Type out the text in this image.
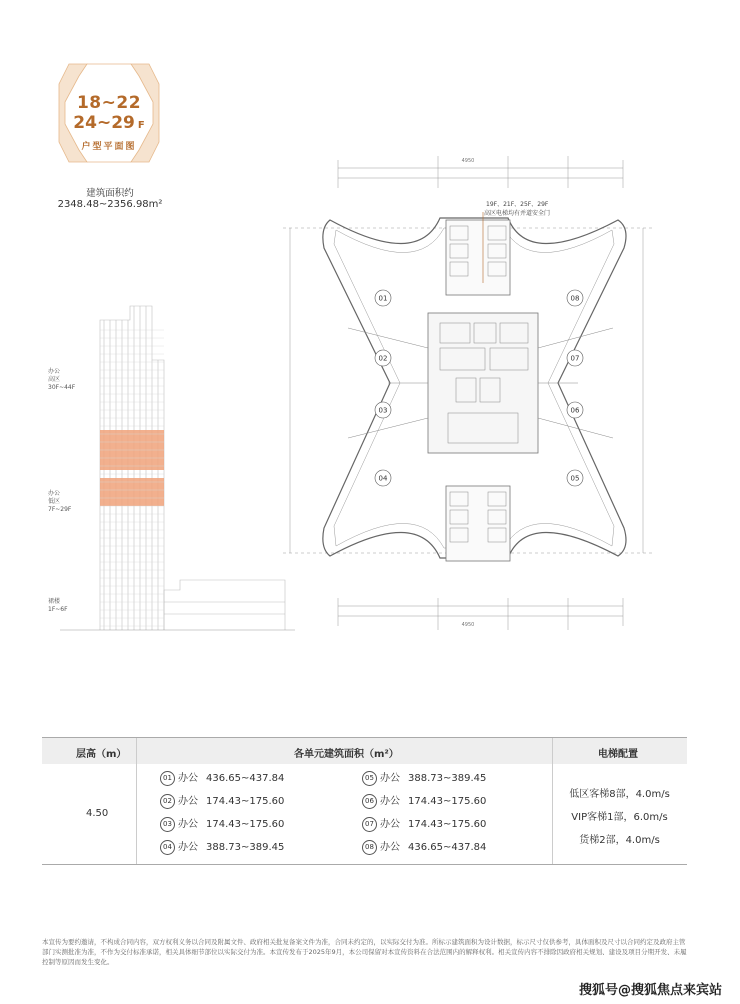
18~22
24~29 F
户型平面图
建筑面积约
2348.48~2356.98m²
办公
高区
30F~44F
办公
低区
7F~29F
裙楼
1F~6F
19F、21F、25F、29F
高区电梯均有并道安全门
4950
4950
01
02
03
04	05
06
07
08
层高（m）	各单元建筑面积（m²）	电梯配置
4.50
01 办公 436.65~437.84
02 办公 174.43~175.60
03 办公 174.43~175.60
04 办公 388.73~389.45
05 办公 388.73~389.45
06 办公 174.43~175.60
07 办公 174.43~175.60
08 办公 436.65~437.84
低区客梯8部，4.0m/s
VIP客梯1部，6.0m/s
货梯2部，4.0m/s
本宣传为要约邀请，不构成合同内容，双方权利义务以合同及附属文件、政府相关批复备案文件为准，合同未约定的，以实际交付为准。所标示建筑面积为设计数据，标示尺寸仅供参考，具体面积及尺寸以合同约定及政府主管部门实测批准为准，不作为交付标准承诺，相关具体细节部位以实际交付为准。本宣传发布于2025年9月，本公司保留对本宣传资料在合法范围内的解释权利。相关宣传内容不排除因政府相关规划、建设及项目分期开发、未履控制等原因而发生变化。
搜狐号@搜狐焦点来宾站
